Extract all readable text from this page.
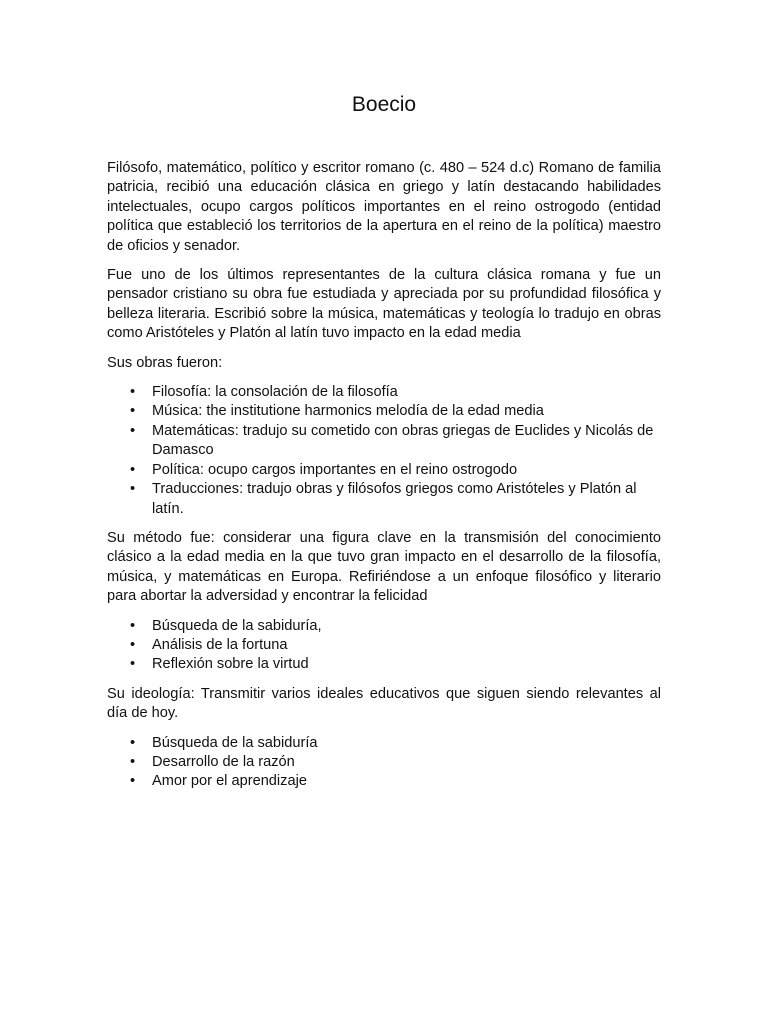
Boecio

Filósofo, matemático, político y escritor romano (c. 480 – 524 d.c) Romano de familia patricia, recibió una educación clásica en griego y latín destacando habilidades intelectuales, ocupo cargos políticos importantes en el reino ostrogodo (entidad política que estableció los territorios de la apertura en el reino de la política) maestro de oficios y senador.

Fue uno de los últimos representantes de la cultura clásica romana y fue un pensador cristiano su obra fue estudiada y apreciada por su profundidad filosófica y belleza literaria. Escribió sobre la música, matemáticas y teología lo tradujo en obras como Aristóteles y Platón al latín tuvo impacto en la edad media

Sus obras fueron:

• Filosofía: la consolación de la filosofía
• Música: the institutione harmonics melodía de la edad media
• Matemáticas: tradujo su cometido con obras griegas de Euclides y Nicolás de Damasco
• Política: ocupo cargos importantes en el reino ostrogodo
• Traducciones: tradujo obras y filósofos griegos como Aristóteles y Platón al latín.

Su método fue: considerar una figura clave en la transmisión del conocimiento clásico a la edad media en la que tuvo gran impacto en el desarrollo de la filosofía, música, y matemáticas en Europa. Refiriéndose a un enfoque filosófico y literario para abortar la adversidad y encontrar la felicidad

• Búsqueda de la sabiduría,
• Análisis de la fortuna
• Reflexión sobre la virtud

Su ideología: Transmitir varios ideales educativos que siguen siendo relevantes al día de hoy.

• Búsqueda de la sabiduría
• Desarrollo de la razón
• Amor por el aprendizaje
